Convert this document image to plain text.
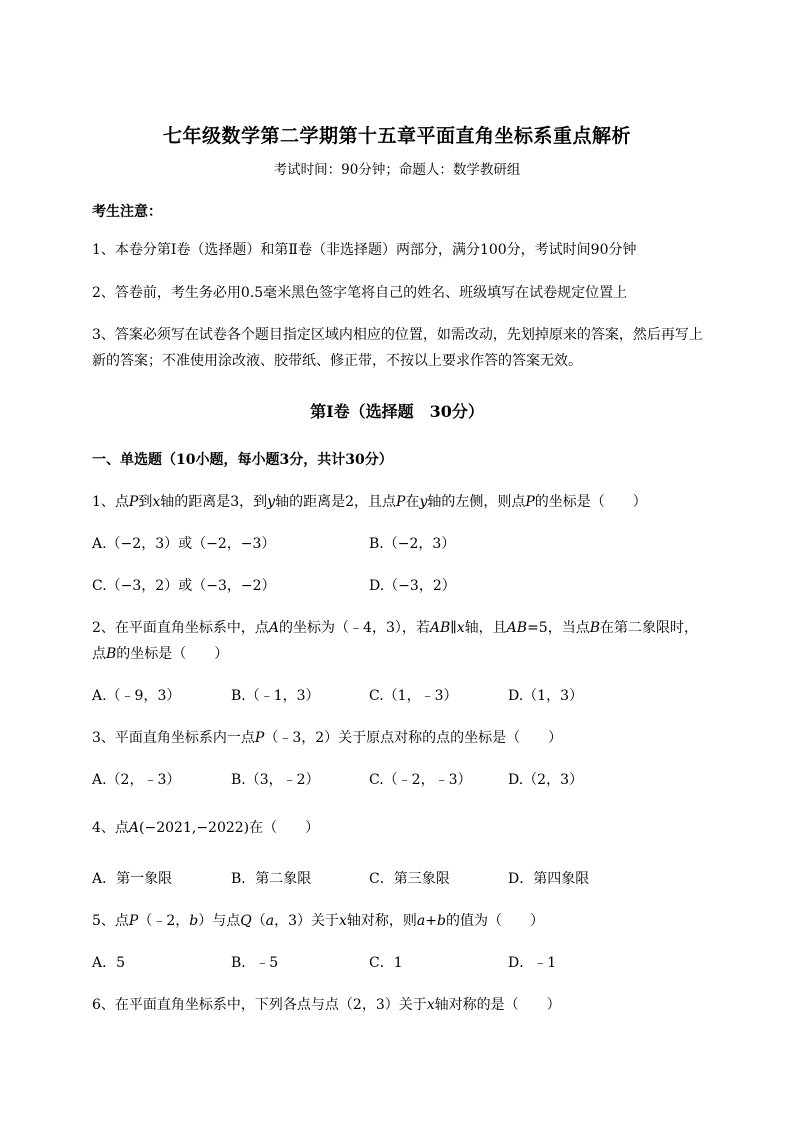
七年级数学第二学期第十五章平面直角坐标系重点解析
考试时间：90分钟；命题人：数学教研组
考生注意：
1、本卷分第I卷（选择题）和第Ⅱ卷（非选择题）两部分，满分100分，考试时间90分钟
2、答卷前，考生务必用0.5毫米黑色签字笔将自己的姓名、班级填写在试卷规定位置上
3、答案必须写在试卷各个题目指定区域内相应的位置，如需改动，先划掉原来的答案，然后再写上新的答案；不准使用涂改液、胶带纸、修正带，不按以上要求作答的答案无效。
第I卷（选择题　30分）
一、单选题（10小题，每小题3分，共计30分）
1、点P到x轴的距离是3，到y轴的距离是2，且点P在y轴的左侧，则点P的坐标是（　　）
A.（−2，3）或（−2，−3）	B.（−2，3）
C.（−3，2）或（−3，−2）	D.（−3，2）
2、在平面直角坐标系中，点A的坐标为（﹣4，3），若AB∥x轴，且AB=5，当点B在第二象限时，
点B的坐标是（　　）
A.（﹣9，3）	B.（﹣1，3）	C.（1，﹣3）	D.（1，3）
3、平面直角坐标系内一点P（﹣3，2）关于原点对称的点的坐标是（　　）
A.（2，﹣3）	B.（3，﹣2）	C.（﹣2，﹣3）	D.（2，3）
4、点A(−2021,−2022)在（　　）
A．第一象限	B．第二象限	C．第三象限	D．第四象限
5、点P（﹣2，b）与点Q（a，3）关于x轴对称，则a+b的值为（　　）
A．5	B．﹣5	C．1	D．﹣1
6、在平面直角坐标系中，下列各点与点（2，3）关于x轴对称的是（　　）
